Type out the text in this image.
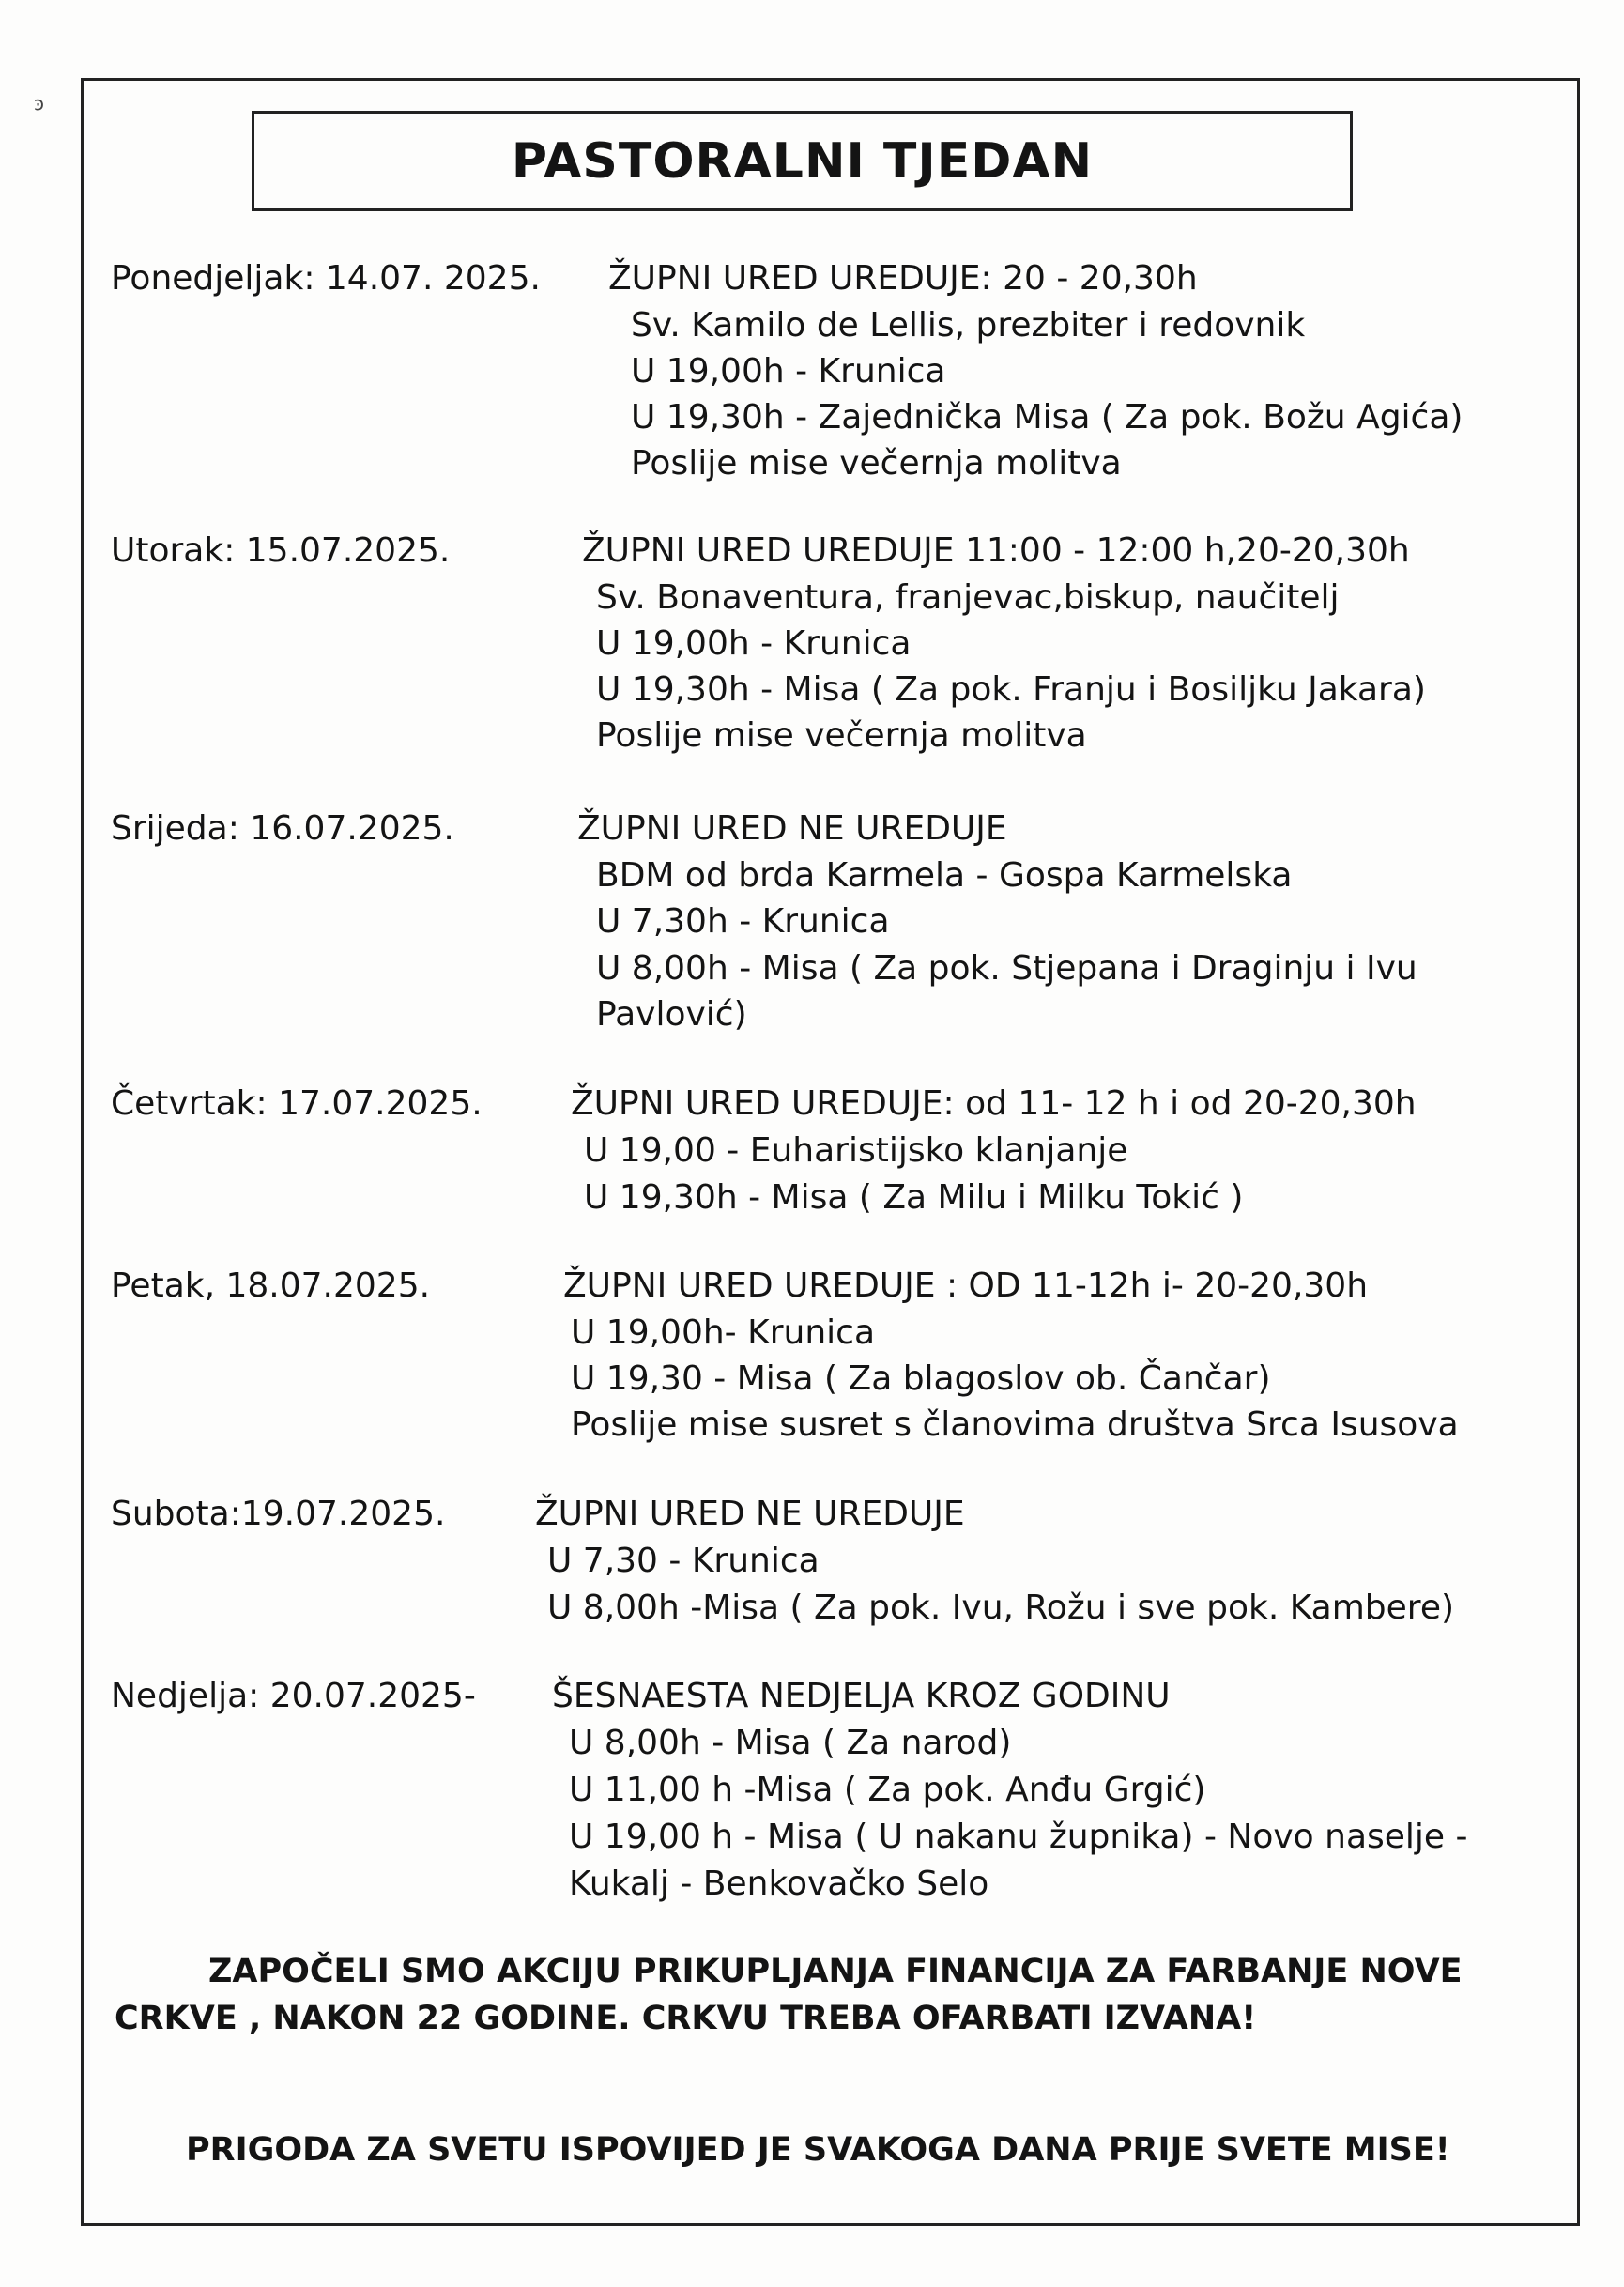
ͽ
PASTORALNI TJEDAN
Ponedjeljak: 14.07. 2025. ŽUPNI URED UREDUJE: 20 - 20,30h
Sv. Kamilo de Lellis, prezbiter i redovnik
U 19,00h - Krunica
U 19,30h - Zajednička Misa ( Za pok. Božu Agića)
Poslije mise večernja molitva
Utorak: 15.07.2025.	ŽUPNI URED UREDUJE 11:00 - 12:00 h,20-20,30h
Sv. Bonaventura, franjevac,biskup, naučitelj
U 19,00h - Krunica
U 19,30h - Misa ( Za pok. Franju i Bosiljku Jakara)
Poslije mise večernja molitva
Srijeda: 16.07.2025.	ŽUPNI URED NE UREDUJE
BDM od brda Karmela - Gospa Karmelska
U 7,30h - Krunica
U 8,00h - Misa ( Za pok. Stjepana i Draginju i Ivu
Pavlović)
Četvrtak: 17.07.2025.	ŽUPNI URED UREDUJE: od 11- 12 h i od 20-20,30h
U 19,00 - Euharistijsko klanjanje
U 19,30h - Misa ( Za Milu i Milku Tokić )
Petak, 18.07.2025.	ŽUPNI URED UREDUJE : OD 11-12h i- 20-20,30h
U 19,00h- Krunica
U 19,30 - Misa ( Za blagoslov ob. Čančar)
Poslije mise susret s članovima društva Srca Isusova
Subota:19.07.2025.	ŽUPNI URED NE UREDUJE
U 7,30 - Krunica
U 8,00h -Misa ( Za pok. Ivu, Rožu i sve pok. Kambere)
Nedjelja: 20.07.2025- ŠESNAESTA NEDJELJA KROZ GODINU
U 8,00h - Misa ( Za narod)
U 11,00 h -Misa ( Za pok. Anđu Grgić)
U 19,00 h - Misa ( U nakanu župnika) - Novo naselje -
Kukalj - Benkovačko Selo
ZAPOČELI SMO AKCIJU PRIKUPLJANJA FINANCIJA ZA FARBANJE NOVE
CRKVE , NAKON 22 GODINE. CRKVU TREBA OFARBATI IZVANA!
PRIGODA ZA SVETU ISPOVIJED JE SVAKOGA DANA PRIJE SVETE MISE!
